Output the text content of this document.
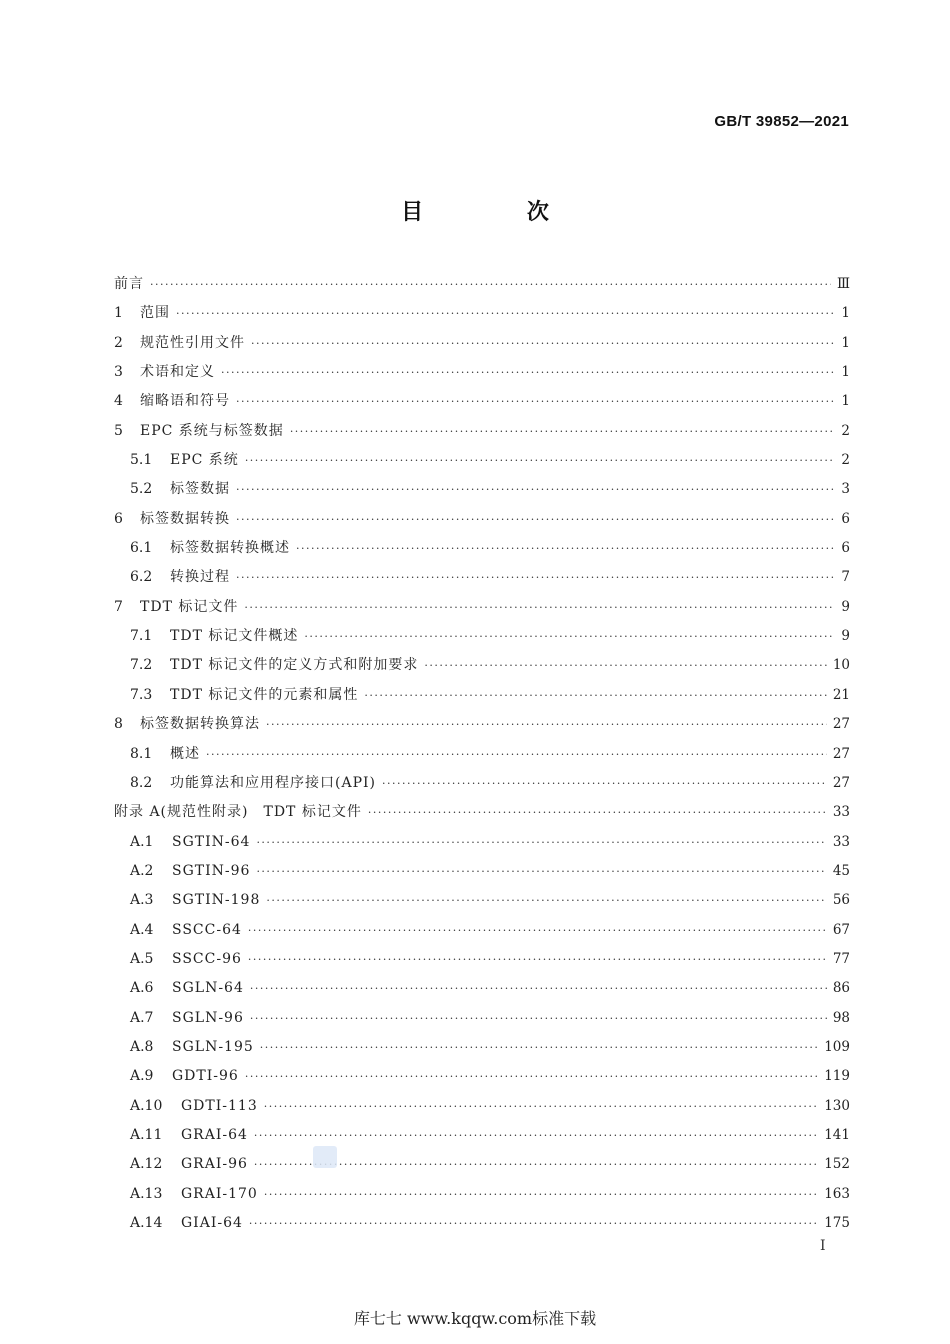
GB/T 39852—2021
目 次
前言 ·····	Ⅲ
1	范围 ·····	1
2	规范性引用文件 ·····	1
3	术语和定义 ·····	1
4	缩略语和符号 ·····	1
5	EPC 系统与标签数据 ·····	2
5.1	EPC 系统 ·····	2
5.2	标签数据 ·····	3
6	标签数据转换 ·····	6
6.1	标签数据转换概述 ·····	6
6.2	转换过程 ·····	7
7	TDT 标记文件 ·····	9
7.1	TDT 标记文件概述 ·····	9
7.2	TDT 标记文件的定义方式和附加要求 ·····	10
7.3	TDT 标记文件的元素和属性 ·····	21
8	标签数据转换算法 ·····	27
8.1	概述 ·····	27
8.2	功能算法和应用程序接口(API) ·····	27
附录 A(规范性附录)　TDT 标记文件 ·····	33
A.1	SGTIN-64 ·····	33
A.2	SGTIN-96 ·····	45
A.3	SGTIN-198 ·····	56
A.4	SSCC-64 ·····	67
A.5	SSCC-96 ·····	77
A.6	SGLN-64 ·····	86
A.7	SGLN-96 ·····	98
A.8	SGLN-195 ·····	109
A.9	GDTI-96 ·····	119
A.10	GDTI-113 ·····	130
A.11	GRAI-64 ·····	141
A.12	GRAI-96 ·····	152
A.13	GRAI-170 ·····	163
A.14	GIAI-64 ·····	175
Ⅰ
库七七 www.kqqw.com标准下载
